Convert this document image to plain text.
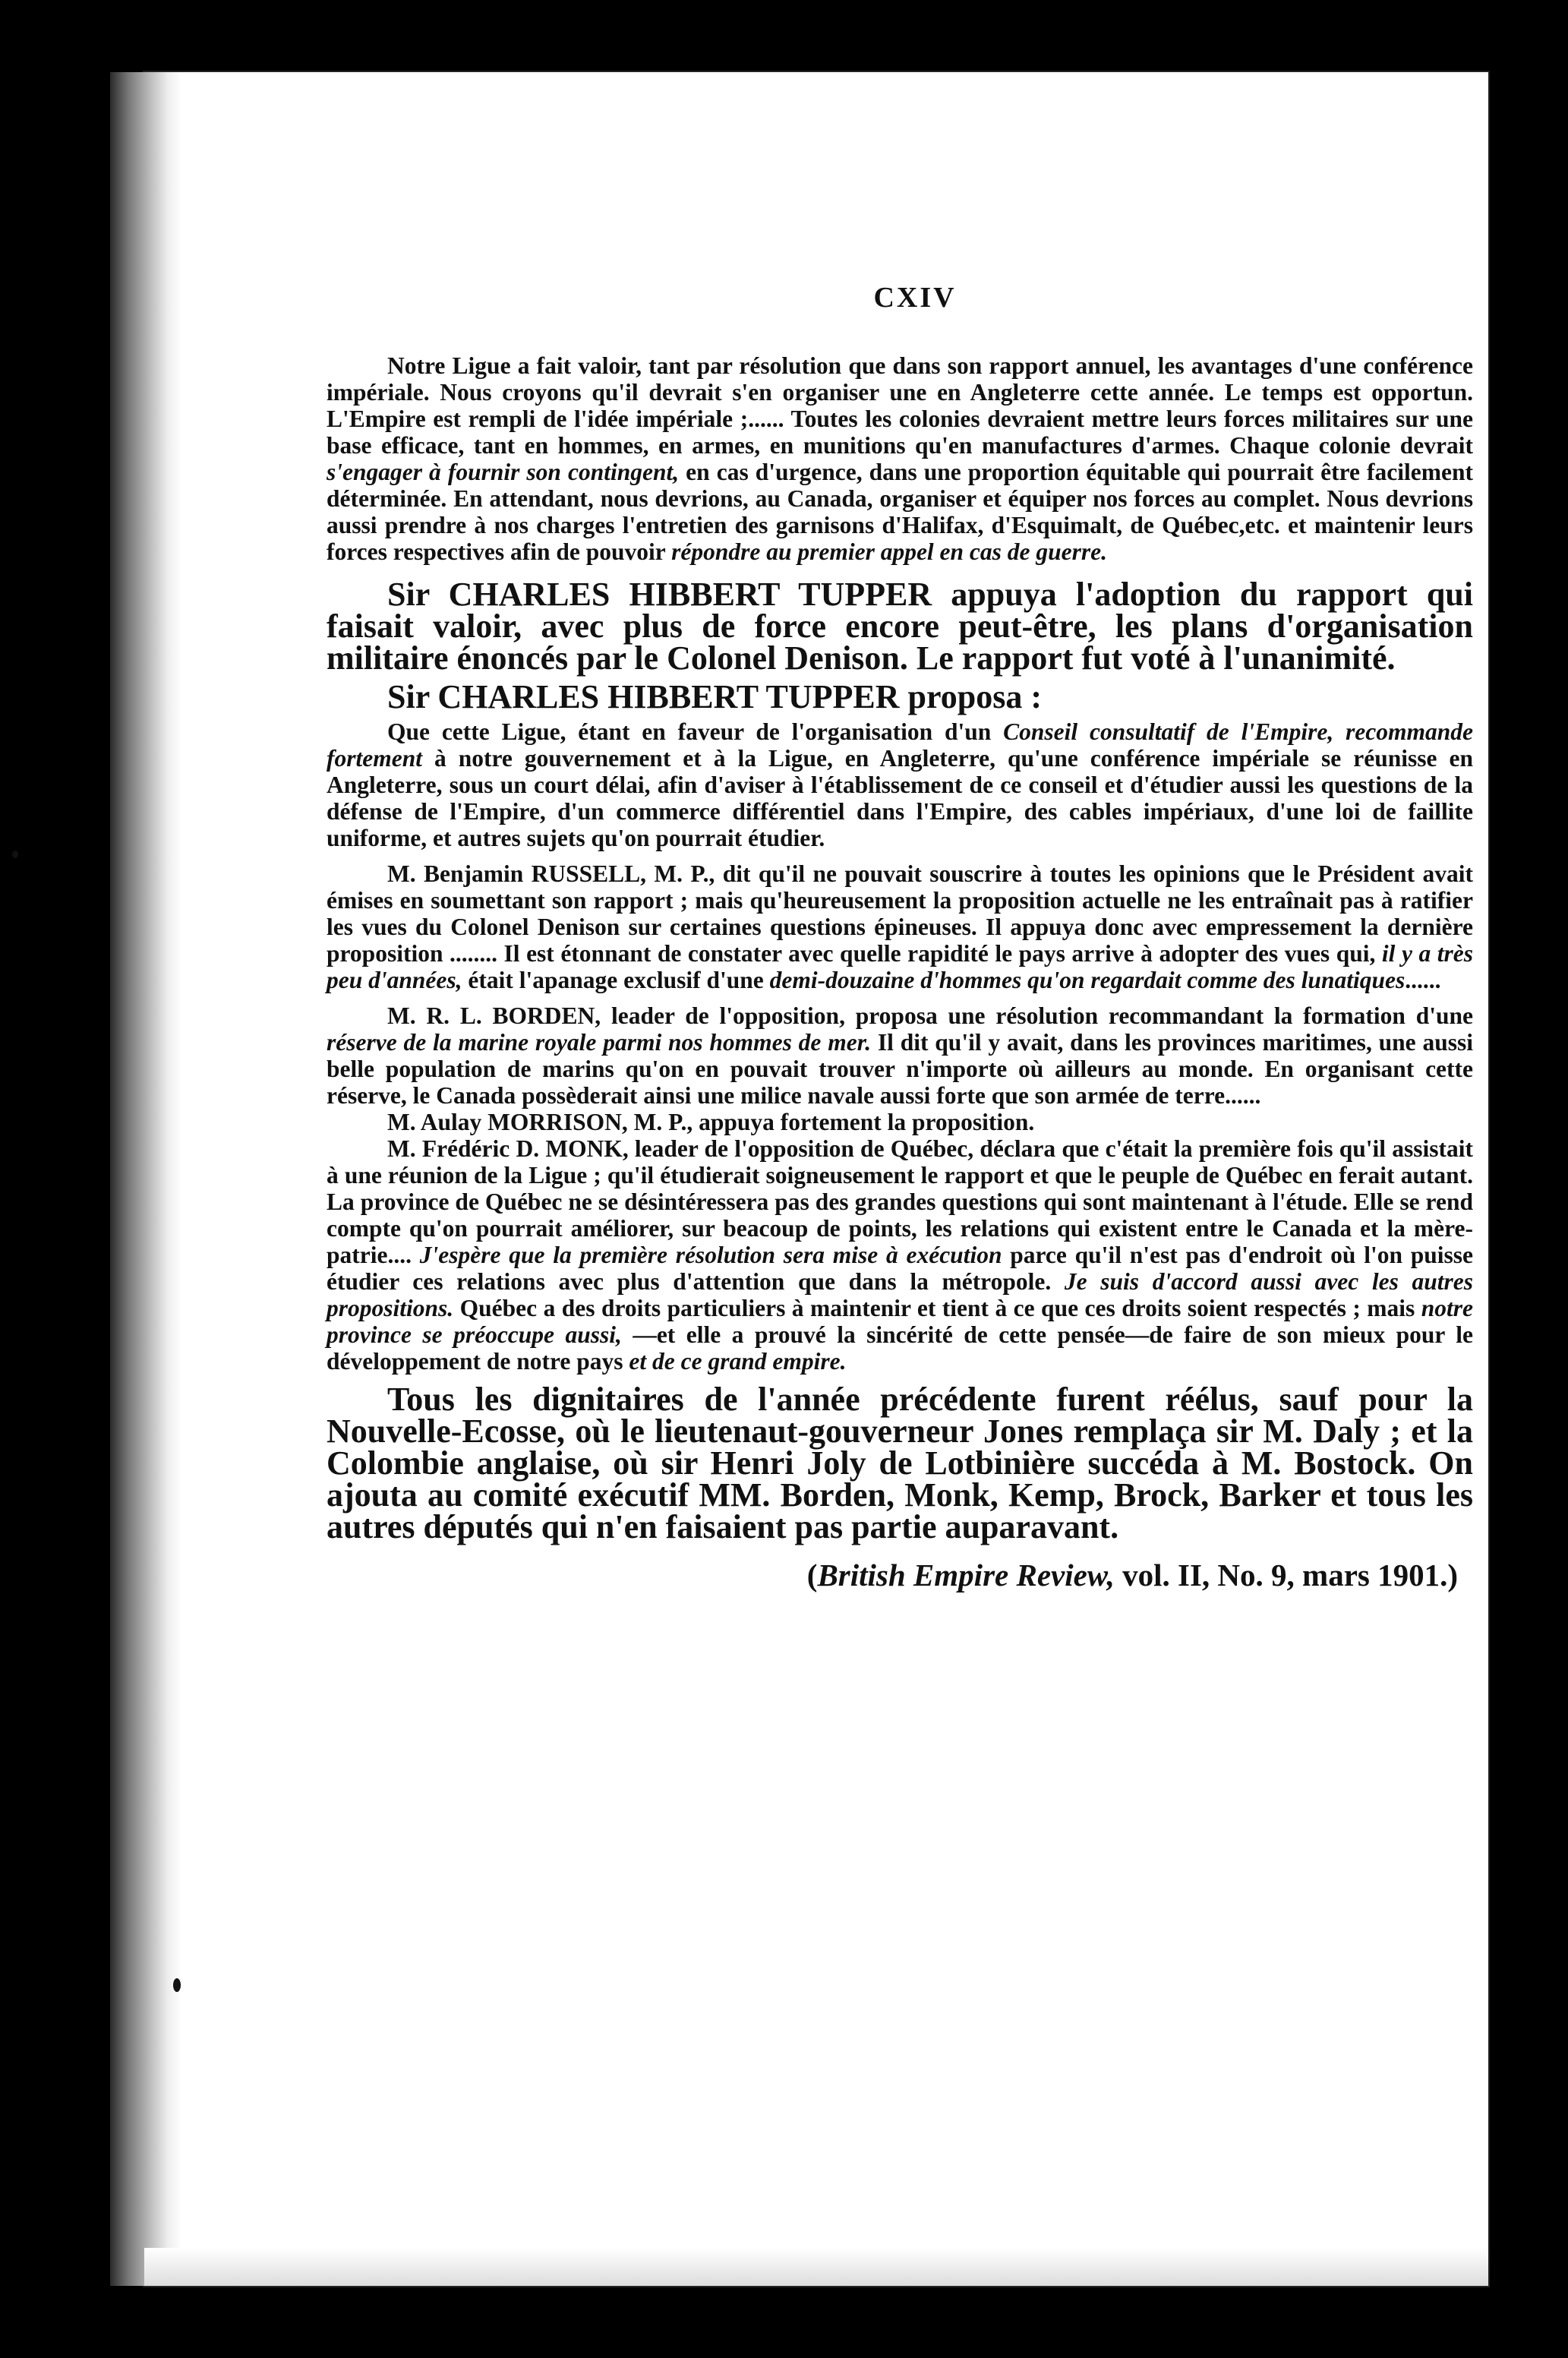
CXIV

Notre Ligue a fait valoir, tant par résolution que dans son rapport annuel, les avantages d'une conférence impériale. Nous croyons qu'il devrait s'en organiser une en Angleterre cette année. Le temps est opportun. L'Empire est rempli de l'idée impériale ;...... Toutes les colonies devraient mettre leurs forces militaires sur une base efficace, tant en hommes, en armes, en munitions qu'en manufactures d'armes. Chaque colonie devrait s'engager à fournir son contingent, en cas d'urgence, dans une proportion équitable qui pourrait être facilement déterminée. En attendant, nous devrions, au Canada, organiser et équiper nos forces au complet. Nous devrions aussi prendre à nos charges l'entretien des garnisons d'Halifax, d'Esquimalt, de Québec,etc. et maintenir leurs forces respectives afin de pouvoir répondre au premier appel en cas de guerre.

Sir CHARLES HIBBERT TUPPER appuya l'adoption du rapport qui faisait valoir, avec plus de force encore peut-être, les plans d'organisation militaire énoncés par le Colonel Denison. Le rapport fut voté à l'unanimité.

Sir CHARLES HIBBERT TUPPER proposa :

Que cette Ligue, étant en faveur de l'organisation d'un Conseil consultatif de l'Empire, recommande fortement à notre gouvernement et à la Ligue, en Angleterre, qu'une conférence impériale se réunisse en Angleterre, sous un court délai, afin d'aviser à l'établissement de ce conseil et d'étudier aussi les questions de la défense de l'Empire, d'un commerce différentiel dans l'Empire, des cables impériaux, d'une loi de faillite uniforme, et autres sujets qu'on pourrait étudier.

M. Benjamin RUSSELL, M. P., dit qu'il ne pouvait souscrire à toutes les opinions que le Président avait émises en soumettant son rapport ; mais qu'heureusement la proposition actuelle ne les entraînait pas à ratifier les vues du Colonel Denison sur certaines questions épineuses. Il appuya donc avec empressement la dernière proposition ........ Il est étonnant de constater avec quelle rapidité le pays arrive à adopter des vues qui, il y a très peu d'années, était l'apanage exclusif d'une demi-douzaine d'hommes qu'on regardait comme des lunatiques......

M. R. L. BORDEN, leader de l'opposition, proposa une résolution recommandant la formation d'une réserve de la marine royale parmi nos hommes de mer. Il dit qu'il y avait, dans les provinces maritimes, une aussi belle population de marins qu'on en pouvait trouver n'importe où ailleurs au monde. En organisant cette réserve, le Canada possèderait ainsi une milice navale aussi forte que son armée de terre......

M. Aulay MORRISON, M. P., appuya fortement la proposition.

M. Frédéric D. MONK, leader de l'opposition de Québec, déclara que c'était la première fois qu'il assistait à une réunion de la Ligue ; qu'il étudierait soigneusement le rapport et que le peuple de Québec en ferait autant. La province de Québec ne se désintéressera pas des grandes questions qui sont maintenant à l'étude. Elle se rend compte qu'on pourrait améliorer, sur beacoup de points, les relations qui existent entre le Canada et la mère-patrie.... J'espère que la première résolution sera mise à exécution parce qu'il n'est pas d'endroit où l'on puisse étudier ces relations avec plus d'attention que dans la métropole. Je suis d'accord aussi avec les autres propositions. Québec a des droits particuliers à maintenir et tient à ce que ces droits soient respectés ; mais notre province se préoccupe aussi, —et elle a prouvé la sincérité de cette pensée—de faire de son mieux pour le développement de notre pays et de ce grand empire.

Tous les dignitaires de l'année précédente furent réélus, sauf pour la Nouvelle-Ecosse, où le lieutenaut-gouverneur Jones remplaça sir M. Daly ; et la Colombie anglaise, où sir Henri Joly de Lotbinière succéda à M. Bostock. On ajouta au comité exécutif MM. Borden, Monk, Kemp, Brock, Barker et tous les autres députés qui n'en faisaient pas partie auparavant.

(British Empire Review, vol. II, No. 9, mars 1901.)
